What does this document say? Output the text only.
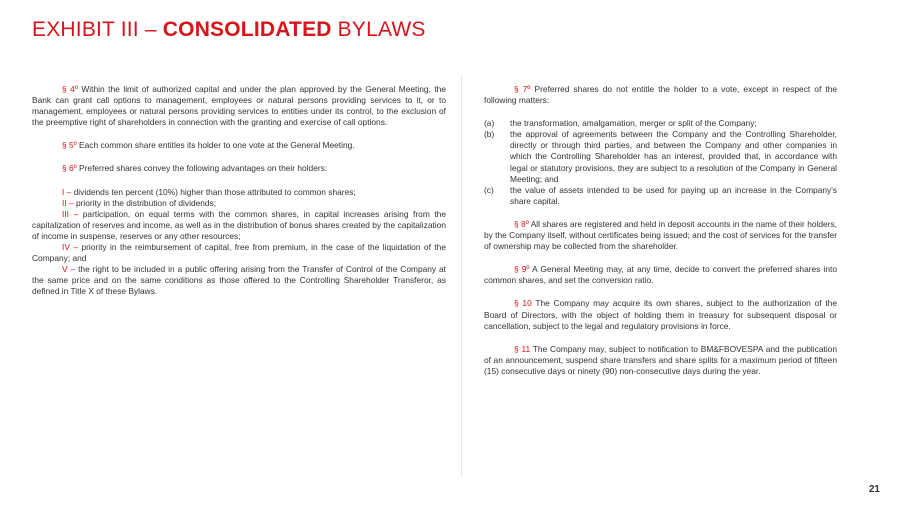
EXHIBIT III – CONSOLIDATED BYLAWS

§ 4º Within the limit of authorized capital and under the plan approved by the General Meeting, the Bank can grant call options to management, employees or natural persons providing services to it, or to management, employees or natural persons providing services to entities under its control, to the exclusion of the preemptive right of shareholders in connection with the granting and exercise of call options.

§ 5º Each common share entitles its holder to one vote at the General Meeting.

§ 6º Preferred shares convey the following advantages on their holders:

I – dividends ten percent (10%) higher than those attributed to common shares;

II – priority in the distribution of dividends;

III – participation, on equal terms with the common shares, in capital increases arising from the capitalization of reserves and income, as well as in the distribution of bonus shares created by the capitalization of income in suspense, reserves or any other resources;

IV – priority in the reimbursement of capital, free from premium, in the case of the liquidation of the Company; and

V – the right to be included in a public offering arising from the Transfer of Control of the Company at the same price and on the same conditions as those offered to the Controlling Shareholder Transferor, as defined in Title X of these Bylaws.

§ 7º Preferred shares do not entitle the holder to a vote, except in respect of the following matters:

(a)	the transformation, amalgamation, merger or split of the Company;
(b)	the approval of agreements between the Company and the Controlling Shareholder, directly or through third parties, and between the Company and other companies in which the Controlling Shareholder has an interest, provided that, in accordance with legal or statutory provisions, they are subject to a resolution of the Company in General Meeting; and
(c)	the value of assets intended to be used for paying up an increase in the Company's share capital.

§ 8º All shares are registered and held in deposit accounts in the name of their holders, by the Company itself, without certificates being issued; and the cost of services for the transfer of ownership may be collected from the shareholder.

§ 9º A General Meeting may, at any time, decide to convert the preferred shares into common shares, and set the conversion ratio.

§ 10 The Company may acquire its own shares, subject to the authorization of the Board of Directors, with the object of holding them in treasury for subsequent disposal or cancellation, subject to the legal and regulatory provisions in force.

§ 11 The Company may, subject to notification to BM&FBOVESPA and the publication of an announcement, suspend share transfers and share splits for a maximum period of fifteen (15) consecutive days or ninety (90) non-consecutive days during the year.

21
